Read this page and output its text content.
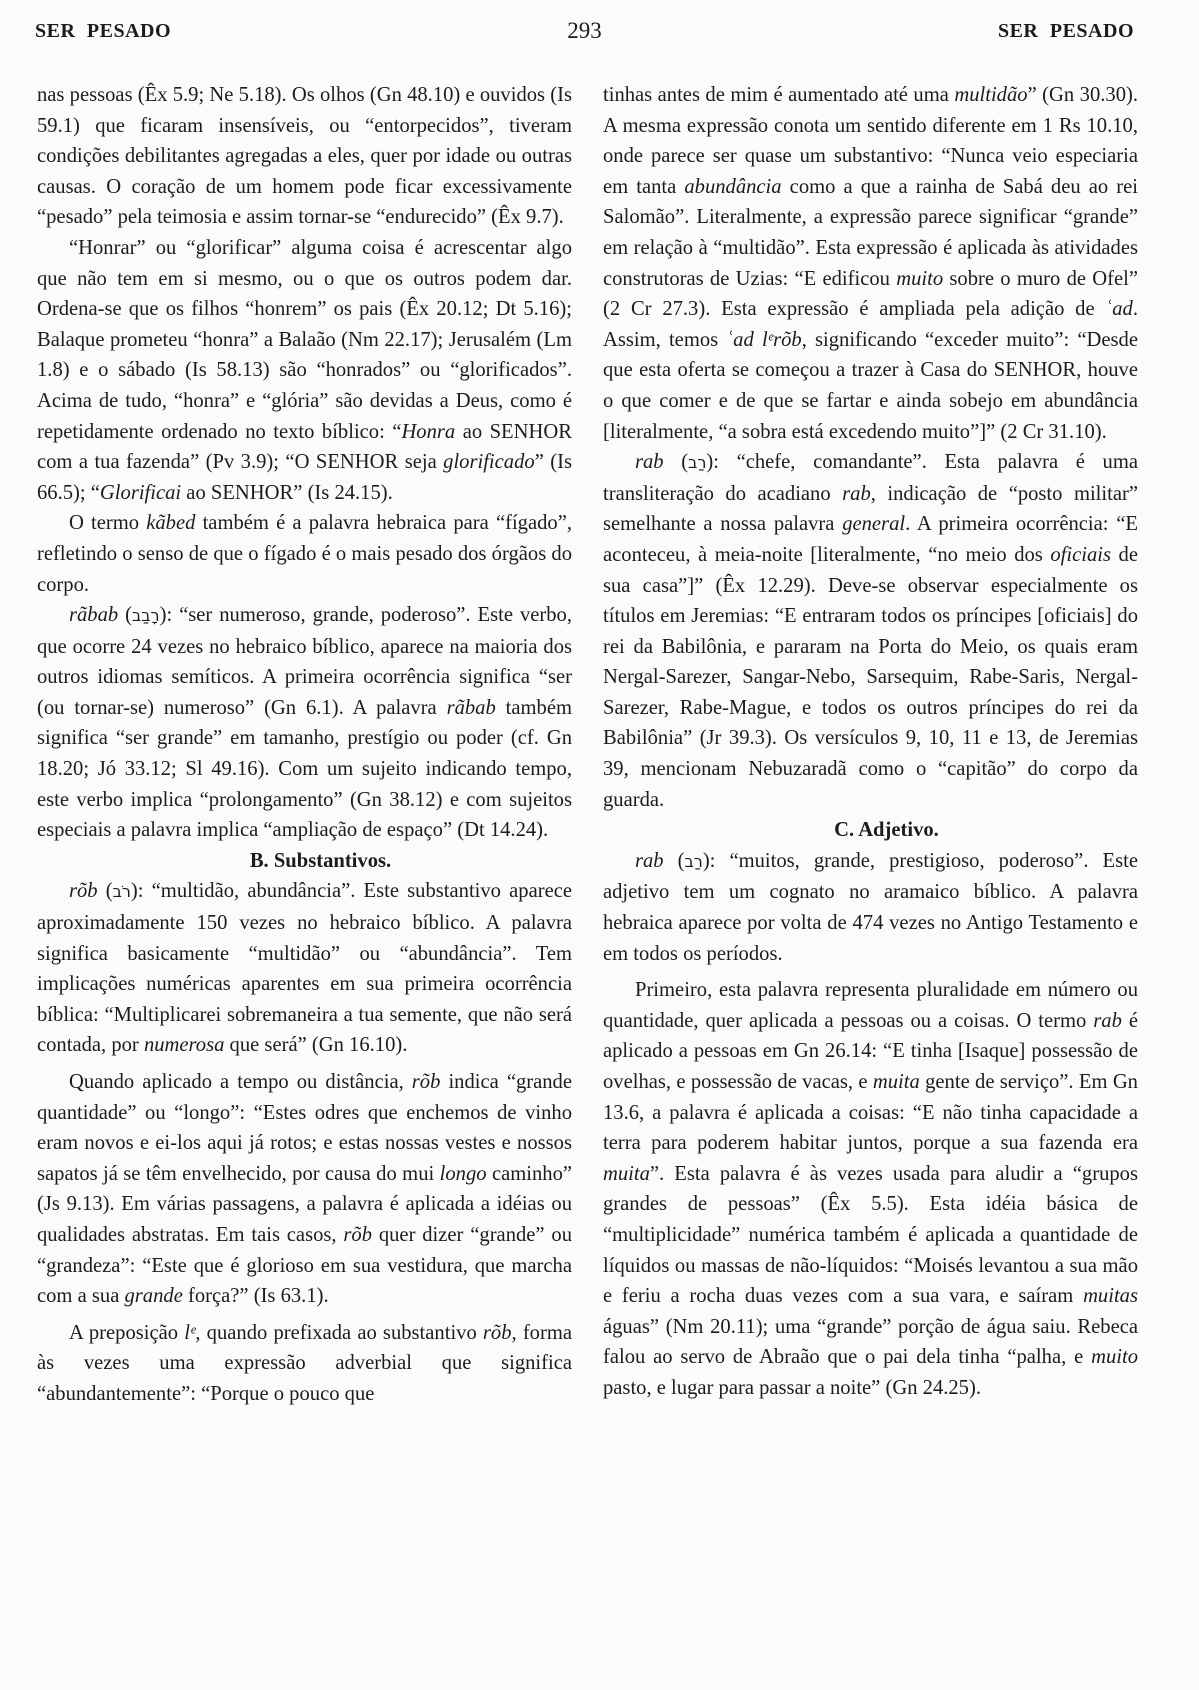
SER PESADO	293	SER PESADO

nas pessoas (Êx 5.9; Ne 5.18). Os olhos (Gn 48.10) e ouvidos (Is 59.1) que ficaram insensíveis, ou “entorpecidos”, tiveram condições debilitantes agregadas a eles, quer por idade ou outras causas. O coração de um homem pode ficar excessivamente “pesado” pela teimosia e assim tornar-se “endurecido” (Êx 9.7).

“Honrar” ou “glorificar” alguma coisa é acrescentar algo que não tem em si mesmo, ou o que os outros podem dar. Ordena-se que os filhos “honrem” os pais (Êx 20.12; Dt 5.16); Balaque prometeu “honra” a Balaão (Nm 22.17); Jerusalém (Lm 1.8) e o sábado (Is 58.13) são “honrados” ou “glorificados”. Acima de tudo, “honra” e “glória” são devidas a Deus, como é repetidamente ordenado no texto bíblico: “Honra ao SENHOR com a tua fazenda” (Pv 3.9); “O SENHOR seja glorificado” (Is 66.5); “Glorificai ao SENHOR” (Is 24.15).

O termo kãbed também é a palavra hebraica para “fígado”, refletindo o senso de que o fígado é o mais pesado dos órgãos do corpo.

rãbab (רָבַב): “ser numeroso, grande, poderoso”. Este verbo, que ocorre 24 vezes no hebraico bíblico, aparece na maioria dos outros idiomas semíticos. A primeira ocorrência significa “ser (ou tornar-se) numeroso” (Gn 6.1). A palavra rãbab também significa “ser grande” em tamanho, prestígio ou poder (cf. Gn 18.20; Jó 33.12; Sl 49.16). Com um sujeito indicando tempo, este verbo implica “prolongamento” (Gn 38.12) e com sujeitos especiais a palavra implica “ampliação de espaço” (Dt 14.24).

B. Substantivos.

rõb (רֹב): “multidão, abundância”. Este substantivo aparece aproximadamente 150 vezes no hebraico bíblico. A palavra significa basicamente “multidão” ou “abundância”. Tem implicações numéricas aparentes em sua primeira ocorrência bíblica: “Multiplicarei sobremaneira a tua semente, que não será contada, por numerosa que será” (Gn 16.10).

Quando aplicado a tempo ou distância, rõb indica “grande quantidade” ou “longo”: “Estes odres que enchemos de vinho eram novos e ei-los aqui já rotos; e estas nossas vestes e nossos sapatos já se têm envelhecido, por causa do mui longo caminho” (Js 9.13). Em várias passagens, a palavra é aplicada a idéias ou qualidades abstratas. Em tais casos, rõb quer dizer “grande” ou “grandeza”: “Este que é glorioso em sua vestidura, que marcha com a sua grande força?” (Is 63.1).

A preposição lᵉ, quando prefixada ao substantivo rõb, forma às vezes uma expressão adverbial que significa “abundantemente”: “Porque o pouco que

tinhas antes de mim é aumentado até uma multidão” (Gn 30.30). A mesma expressão conota um sentido diferente em 1 Rs 10.10, onde parece ser quase um substantivo: “Nunca veio especiaria em tanta abundância como a que a rainha de Sabá deu ao rei Salomão”. Literalmente, a expressão parece significar “grande” em relação à “multidão”. Esta expressão é aplicada às atividades construtoras de Uzias: “E edificou muito sobre o muro de Ofel” (2 Cr 27.3). Esta expressão é ampliada pela adição de ʿad. Assim, temos ʿad lᵉrõb, significando “exceder muito”: “Desde que esta oferta se começou a trazer à Casa do SENHOR, houve o que comer e de que se fartar e ainda sobejo em abundância [literalmente, “a sobra está excedendo muito”]” (2 Cr 31.10).

rab (רַב): “chefe, comandante”. Esta palavra é uma transliteração do acadiano rab, indicação de “posto militar” semelhante a nossa palavra general. A primeira ocorrência: “E aconteceu, à meia-noite [literalmente, “no meio dos oficiais de sua casa”]” (Êx 12.29). Deve-se observar especialmente os títulos em Jeremias: “E entraram todos os príncipes [oficiais] do rei da Babilônia, e pararam na Porta do Meio, os quais eram Nergal-Sarezer, Sangar-Nebo, Sarsequim, Rabe-Saris, Nergal-Sarezer, Rabe-Mague, e todos os outros príncipes do rei da Babilônia” (Jr 39.3). Os versículos 9, 10, 11 e 13, de Jeremias 39, mencionam Nebuzaradã como o “capitão” do corpo da guarda.

C. Adjetivo.

rab (רַב): “muitos, grande, prestigioso, poderoso”. Este adjetivo tem um cognato no aramaico bíblico. A palavra hebraica aparece por volta de 474 vezes no Antigo Testamento e em todos os períodos.

Primeiro, esta palavra representa pluralidade em número ou quantidade, quer aplicada a pessoas ou a coisas. O termo rab é aplicado a pessoas em Gn 26.14: “E tinha [Isaque] possessão de ovelhas, e possessão de vacas, e muita gente de serviço”. Em Gn 13.6, a palavra é aplicada a coisas: “E não tinha capacidade a terra para poderem habitar juntos, porque a sua fazenda era muita”. Esta palavra é às vezes usada para aludir a “grupos grandes de pessoas” (Êx 5.5). Esta idéia básica de “multiplicidade” numérica também é aplicada a quantidade de líquidos ou massas de não-líquidos: “Moisés levantou a sua mão e feriu a rocha duas vezes com a sua vara, e saíram muitas águas” (Nm 20.11); uma “grande” porção de água saiu. Rebeca falou ao servo de Abraão que o pai dela tinha “palha, e muito pasto, e lugar para passar a noite” (Gn 24.25).
